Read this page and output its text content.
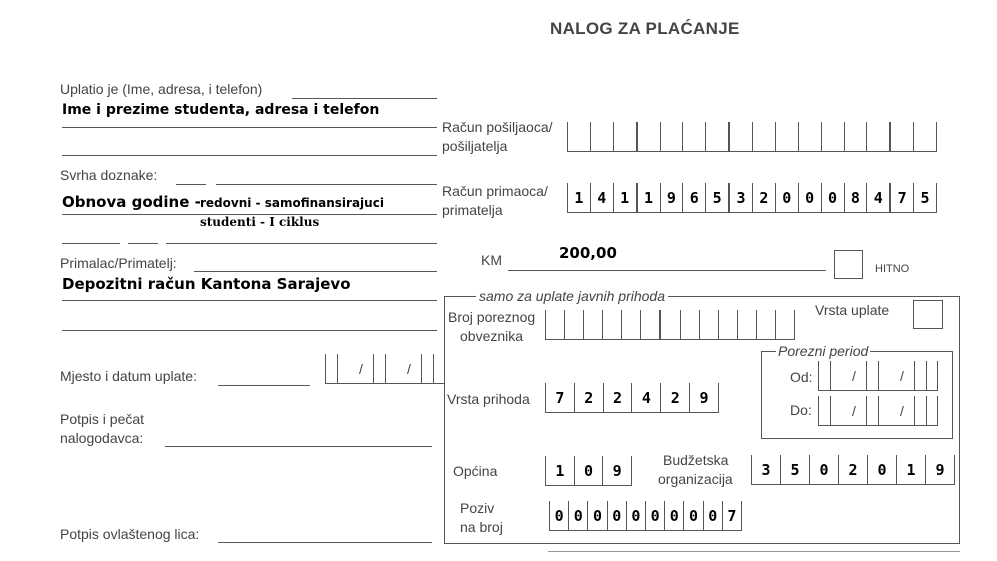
NALOG ZA PLAĆANJE
Uplatio je (Ime, adresa, i telefon)
Ime i prezime studenta, adresa i telefon
Svrha doznake:
Obnova godine - redovni - samofinansirajuci
studenti - I ciklus
Primalac/Primatelj:
Depozitni račun Kantona Sarajevo
Mjesto i datum uplate:	/	/
Potpis i pečat
nalogodavca:
Potpis ovlaštenog lica:
Račun pošiljaoca/
pošiljatelja
Račun primaoca/
primatelja
1 4 1 1 9 6 5 3 2 0 0 0 8 4 7 5
KM	200,00
HITNO
samo za uplate javnih prihoda
Broj poreznog
obveznika
Vrsta uplate
Porezni period
Od:	/	/
Do:	/	/
Vrsta prihoda	7	2	2	4	2	9
Općina	1	0	9
Budžetska
organizacija
3	5	0	2	0	1	9
Poziv
na broj
0 0 0 0 0 0 0 0 0 7
